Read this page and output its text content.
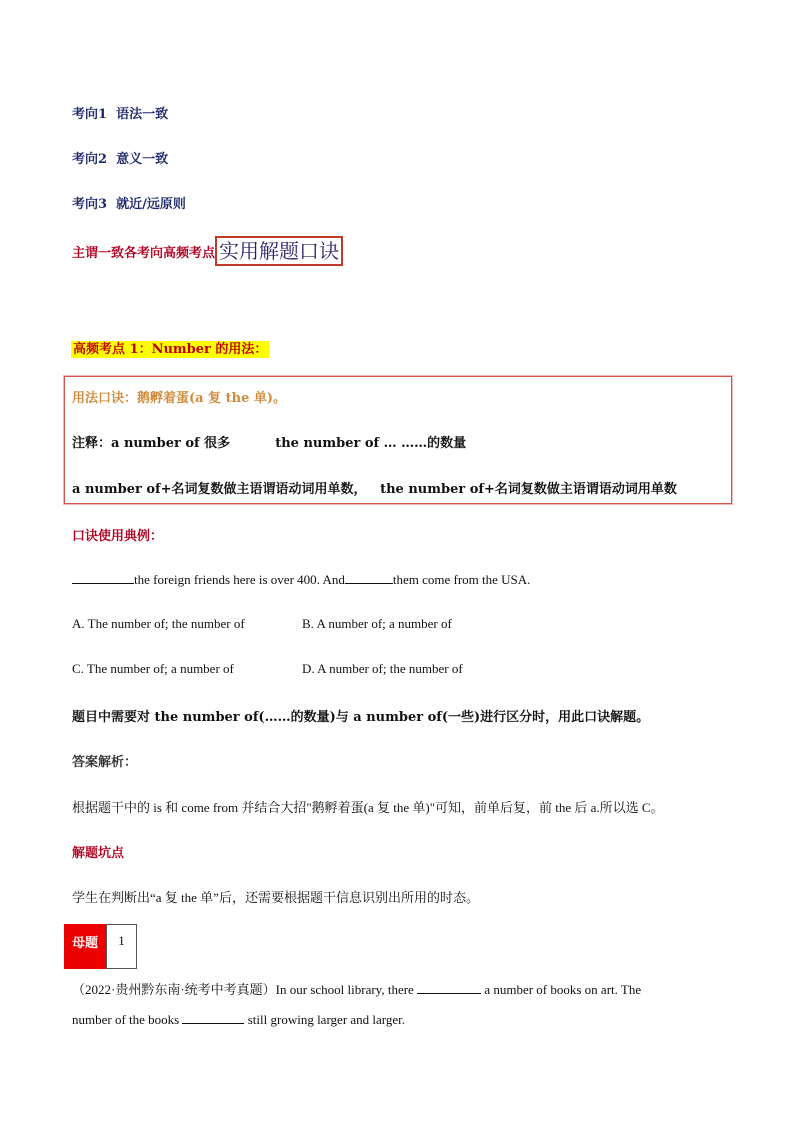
考向1 语法一致
考向2 意义一致
考向3 就近/远原则
主谓一致各考向高频考点 实用解题口诀
高频考点 1：Number 的用法：
用法口诀：鹅孵着蛋(a 复 the 单)。
注释：a number of 很多	the number of … ……的数量
a number of+名词复数做主语谓语动词用单数， the number of+名词复数做主语谓语动词用单数
口诀使用典例：
the foreign friends here is over 400. And	them come from the USA.
A. The number of; the number of	B. A number of; a number of
C. The number of; a number of	D. A number of; the number of
题目中需要对 the number of(……的数量)与 a number of(一些)进行区分时，用此口诀解题。
答案解析：
根据题干中的 is 和 come from 并结合大招"鹅孵着蛋(a 复 the 单)"可知，前单后复，前 the 后 a.所以选 C。
解题坑点
学生在判断出“a 复 the 单”后，还需要根据题干信息识别出所用的时态。
母题	1
（2022·贵州黔东南·统考中考真题）In our school library, there	a number of books on art. The
number of the books	still growing larger and larger.
